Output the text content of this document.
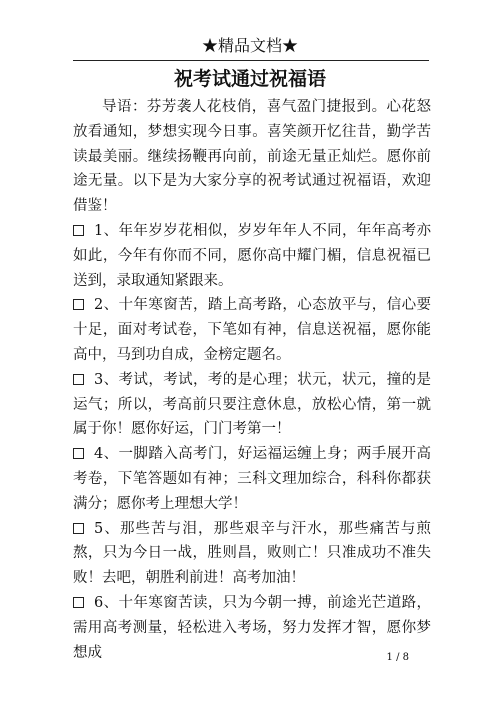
★精品文档★
祝考试通过祝福语

导语：芬芳袭人花枝俏，喜气盈门捷报到。心花怒放看通知，梦想实现今日事。喜笑颜开忆往昔，勤学苦读最美丽。继续扬鞭再向前，前途无量正灿烂。愿你前途无量。以下是为大家分享的祝考试通过祝福语，欢迎借鉴！

1、年年岁岁花相似，岁岁年年人不同，年年高考亦如此，今年有你而不同，愿你高中耀门楣，信息祝福已送到，录取通知紧跟来。

2、十年寒窗苦，踏上高考路，心态放平与，信心要十足，面对考试卷，下笔如有神，信息送祝福，愿你能高中，马到功自成，金榜定题名。

3、考试，考试，考的是心理；状元，状元，撞的是运气；所以，考高前只要注意休息，放松心情，第一就属于你！愿你好运，门门考第一！

4、一脚踏入高考门，好运福运缠上身；两手展开高考卷，下笔答题如有神；三科文理加综合，科科你都获满分；愿你考上理想大学！

5、那些苦与泪，那些艰辛与汗水，那些痛苦与煎熬，只为今日一战，胜则昌，败则亡！只准成功不准失败！去吧，朝胜利前进！高考加油！

6、十年寒窗苦读，只为今朝一搏，前途光芒道路，需用高考测量，轻松进入考场，努力发挥才智，愿你梦想成	1 / 8
